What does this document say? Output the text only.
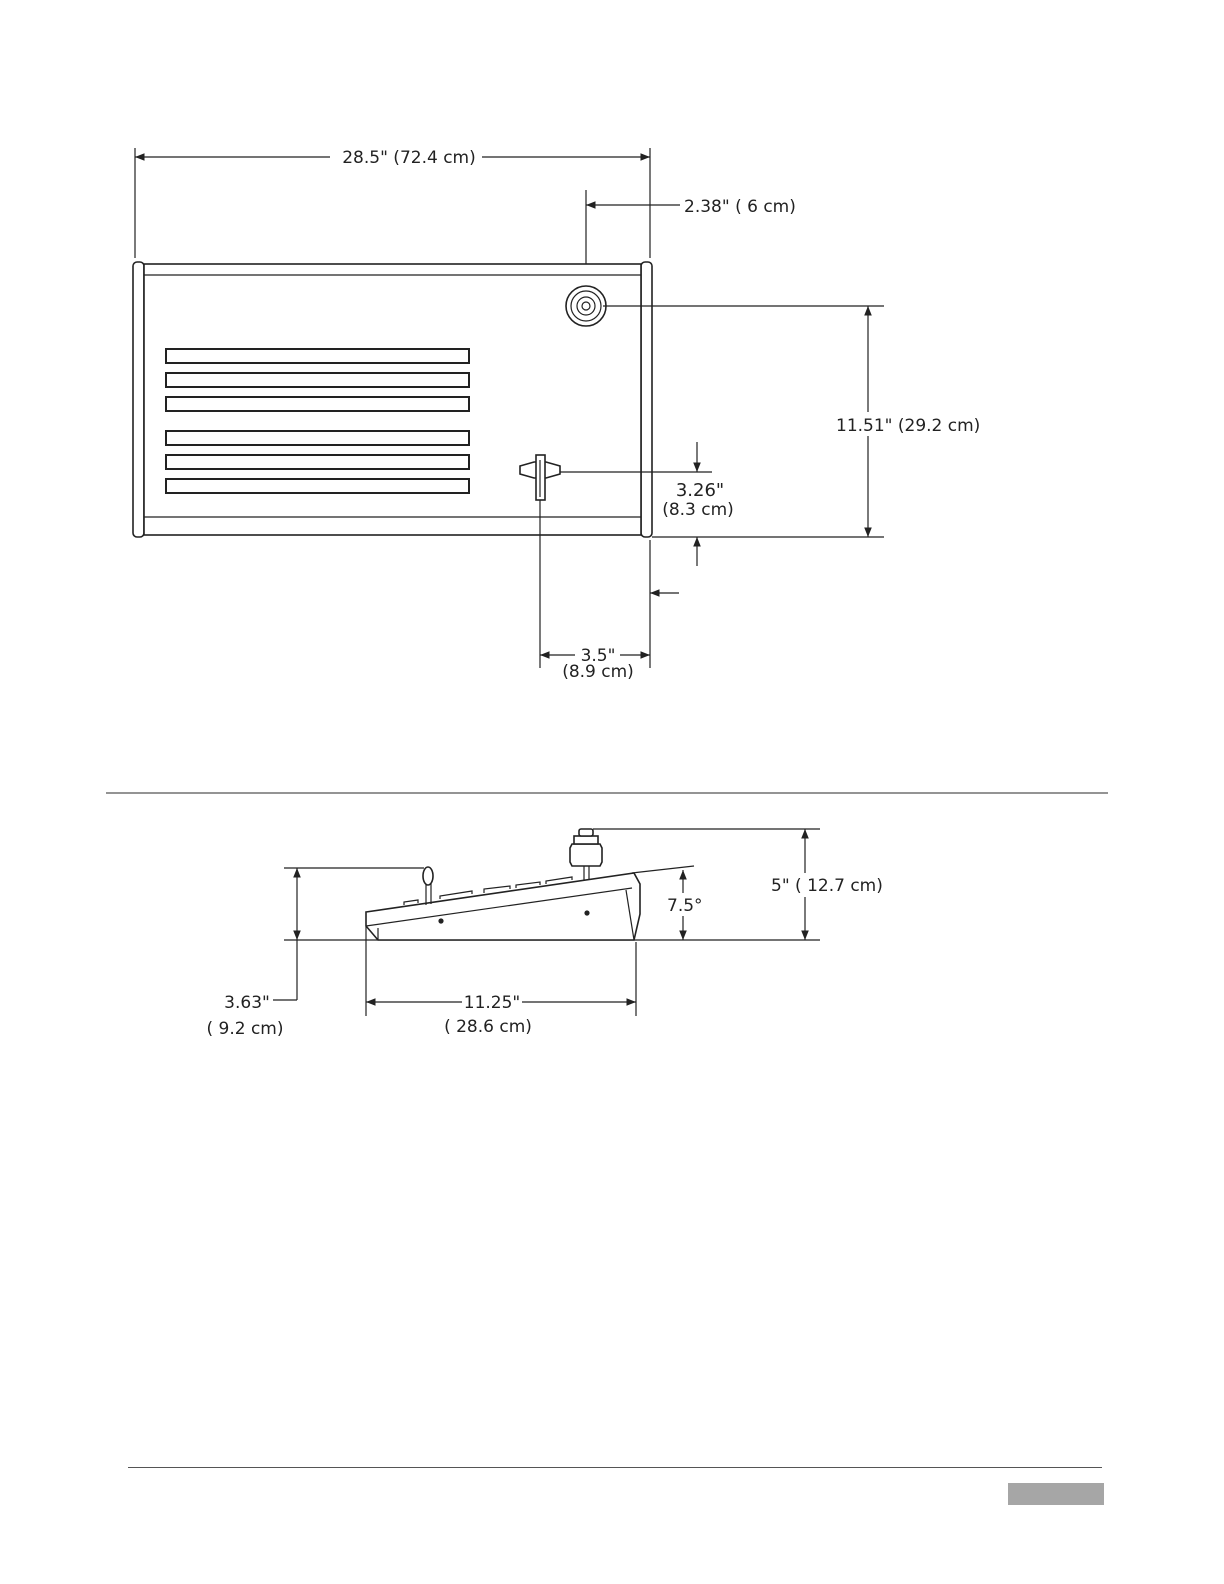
28.5" (72.4 cm)
2.38" ( 6 cm)
11.51" (29.2 cm)
3.26"
(8.3 cm)
3.5"
(8.9 cm)
5" ( 12.7 cm)
7.5°
3.63"
( 9.2 cm)
11.25"
( 28.6 cm)
